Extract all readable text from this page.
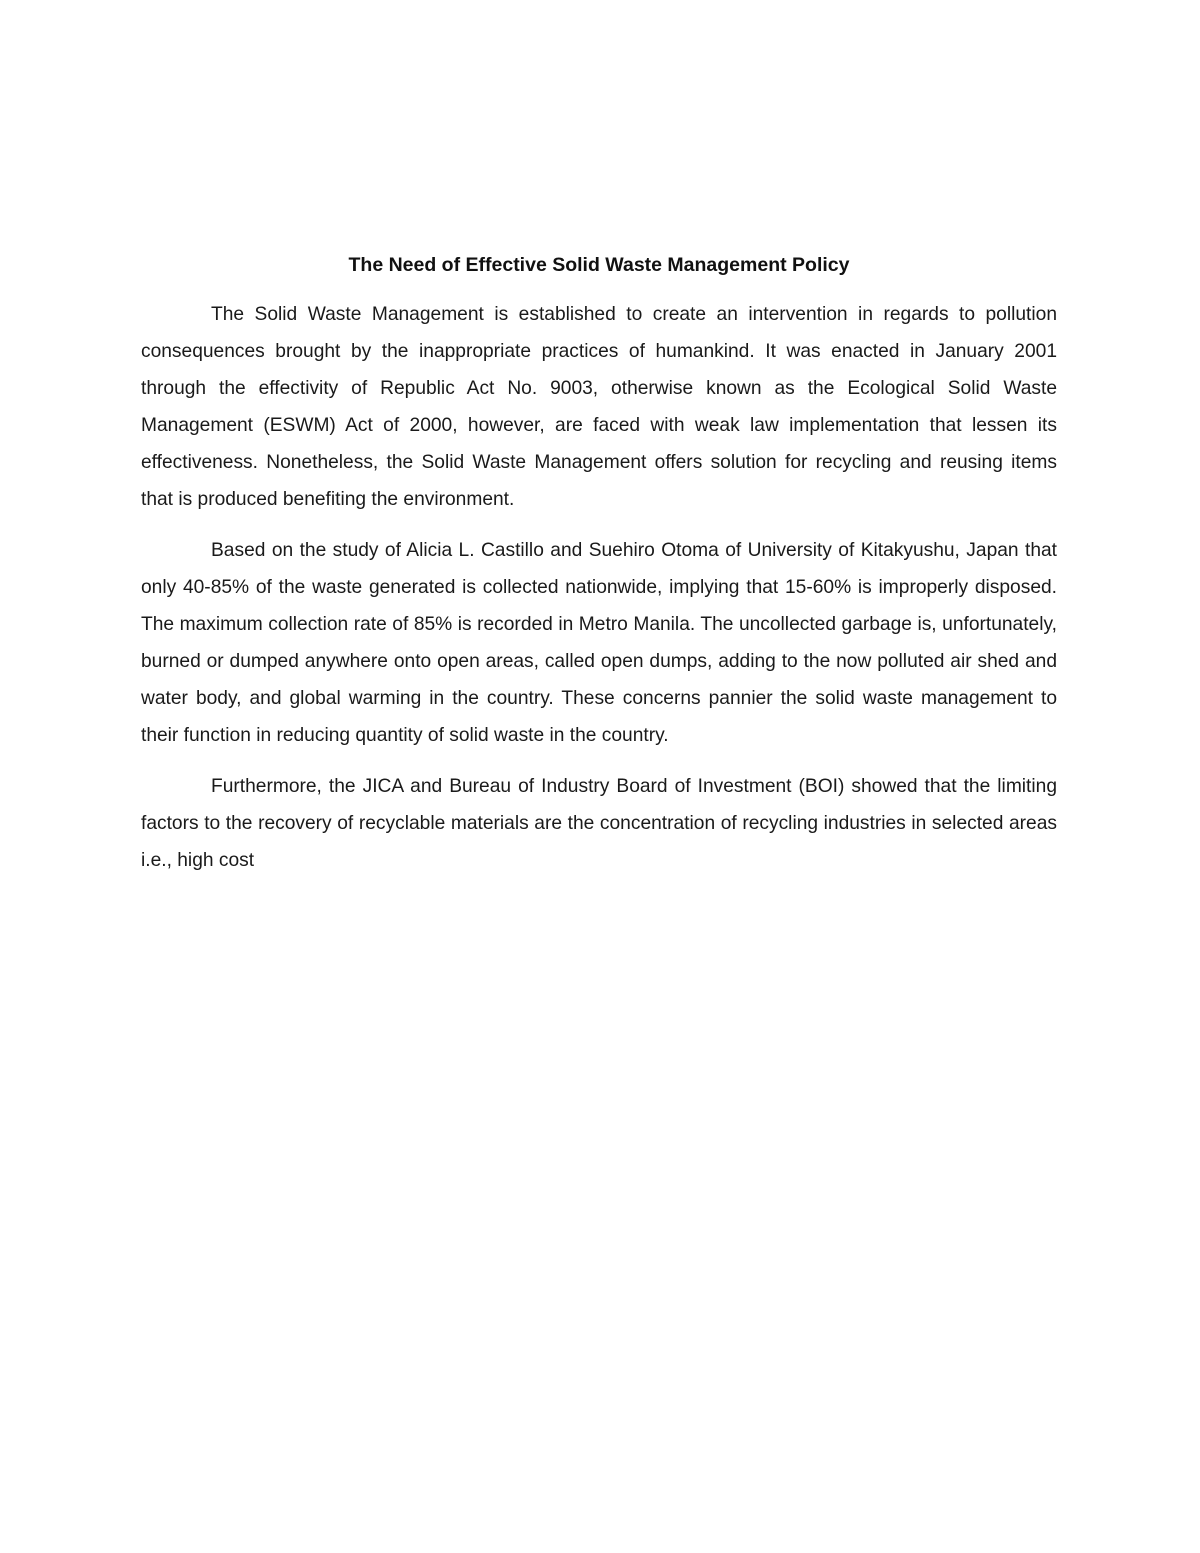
The Need of Effective Solid Waste Management Policy

The Solid Waste Management is established to create an intervention in regards to pollution consequences brought by the inappropriate practices of humankind. It was enacted in January 2001 through the effectivity of Republic Act No. 9003, otherwise known as the Ecological Solid Waste Management (ESWM) Act of 2000, however, are faced with weak law implementation that lessen its effectiveness. Nonetheless, the Solid Waste Management offers solution for recycling and reusing items that is produced benefiting the environment.

Based on the study of Alicia L. Castillo and Suehiro Otoma of University of Kitakyushu, Japan that only 40-85% of the waste generated is collected nationwide, implying that 15-60% is improperly disposed. The maximum collection rate of 85% is recorded in Metro Manila. The uncollected garbage is, unfortunately, burned or dumped anywhere onto open areas, called open dumps, adding to the now polluted air shed and water body, and global warming in the country. These concerns pannier the solid waste management to their function in reducing quantity of solid waste in the country.

Furthermore, the JICA and Bureau of Industry Board of Investment (BOI) showed that the limiting factors to the recovery of recyclable materials are the concentration of recycling industries in selected areas i.e., high cost
